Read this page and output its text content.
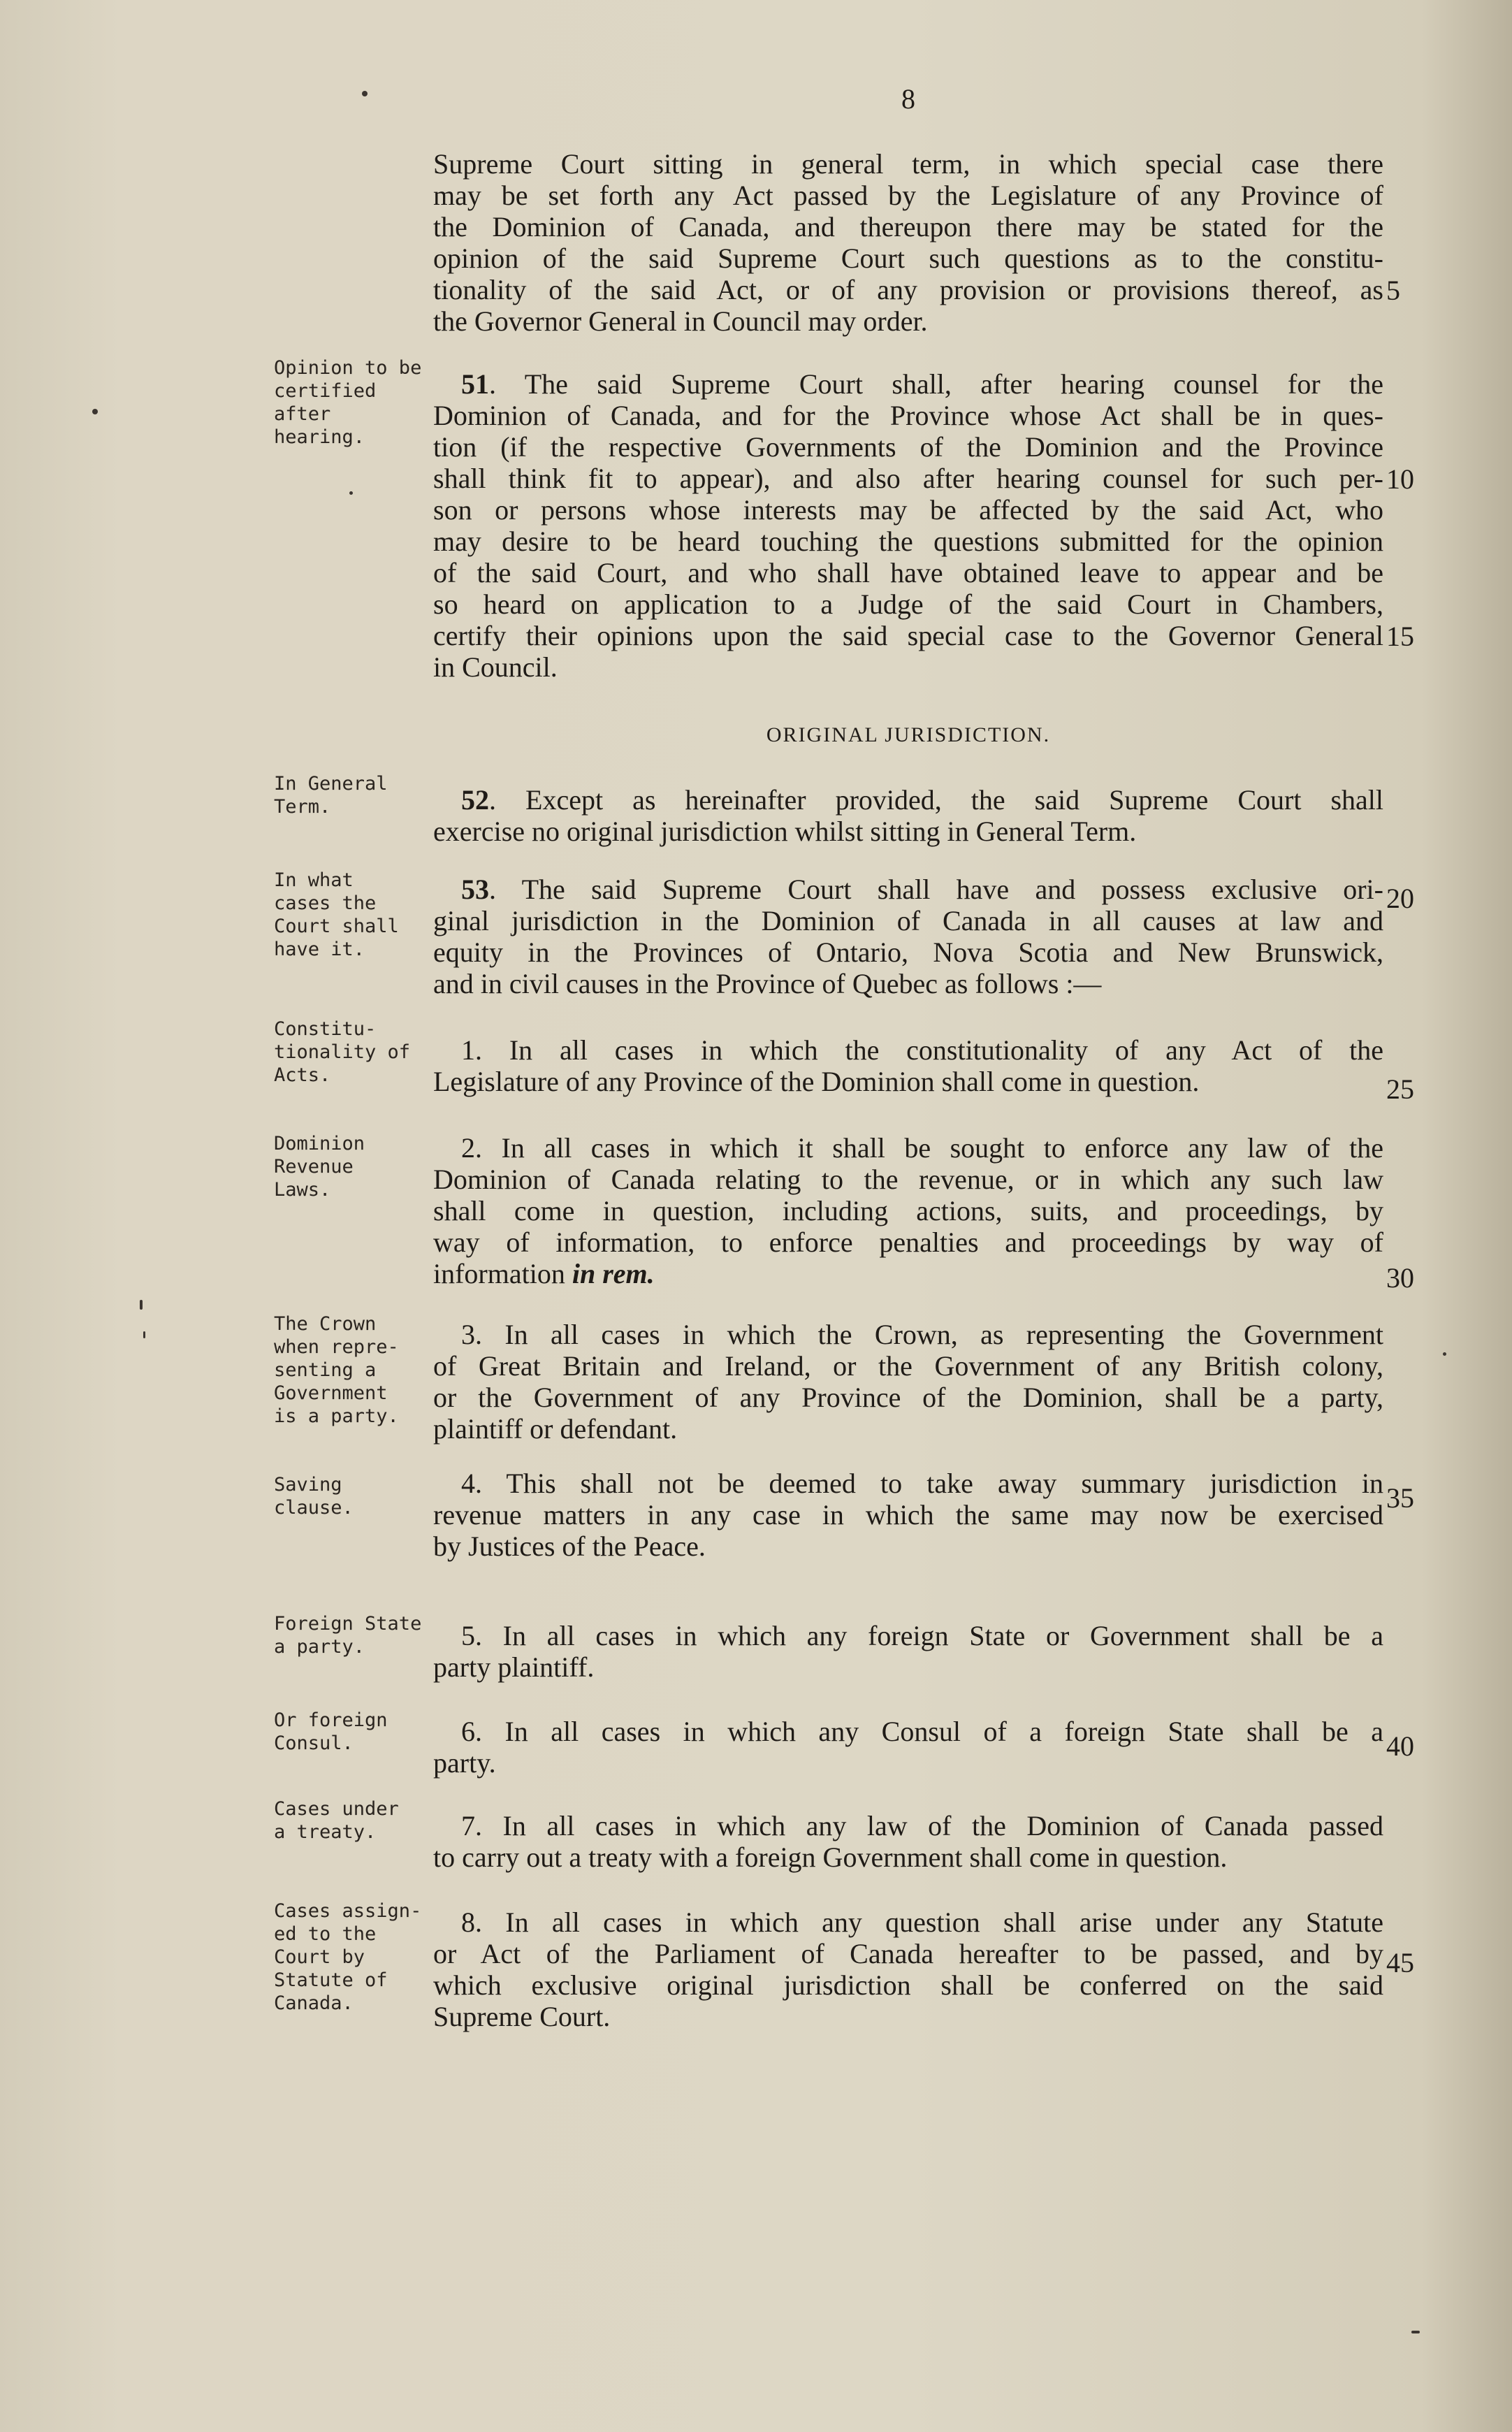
8

Supreme Court sitting in general term, in which special case there
may be set forth any Act passed by the Legislature of any Province of
the Dominion of Canada, and thereupon there may be stated for the
opinion of the said Supreme Court such questions as to the constitu-
tionality of the said Act, or of any provision or provisions thereof, as
the Governor General in Council may order.

Opinion to be
certified after
hearing.

51. The said Supreme Court shall, after hearing counsel for the
Dominion of Canada, and for the Province whose Act shall be in ques-
tion (if the respective Governments of the Dominion and the Province
shall think fit to appear), and also after hearing counsel for such per-
son or persons whose interests may be affected by the said Act, who
may desire to be heard touching the questions submitted for the opinion
of the said Court, and who shall have obtained leave to appear and be
so heard on application to a Judge of the said Court in Chambers,
certify their opinions upon the said special case to the Governor General
in Council.

ORIGINAL JURISDICTION.
In General
Term.	52. Except as hereinafter provided, the said Supreme Court shall
exercise no original jurisdiction whilst sitting in General Term.

In what
cases the
Court shall
have it.

53. The said Supreme Court shall have and possess exclusive ori-
ginal jurisdiction in the Dominion of Canada in all causes at law and
equity in the Provinces of Ontario, Nova Scotia and New Brunswick,
and in civil causes in the Province of Quebec as follows :—

Constitu-
tionality of
Acts.

1. In all cases in which the constitutionality of any Act of the
Legislature of any Province of the Dominion shall come in question.

Dominion
Revenue
Laws.

2. In all cases in which it shall be sought to enforce any law of the
Dominion of Canada relating to the revenue, or in which any such law
shall come in question, including actions, suits, and proceedings, by
way of information, to enforce penalties and proceedings by way of
information in rem.

The Crown
when repre-
senting a
Government
is a party.

3. In all cases in which the Crown, as representing the Government
of Great Britain and Ireland, or the Government of any British colony,
or the Government of any Province of the Dominion, shall be a party,
plaintiff or defendant.

Saving
clause.

4. This shall not be deemed to take away summary jurisdiction in
revenue matters in any case in which the same may now be exercised
by Justices of the Peace.

Foreign State
a party.	5. In all cases in which any foreign State or Government shall be a
party plaintiff.

Or foreign
Consul.	6. In all cases in which any Consul of a foreign State shall be a
party.

Cases under
a treaty.	7. In all cases in which any law of the Dominion of Canada passed
to carry out a treaty with a foreign Government shall come in question.

Cases assign-
ed to the
Court by
Statute of
Canada.

8. In all cases in which any question shall arise under any Statute
or Act of the Parliament of Canada hereafter to be passed, and by
which exclusive original jurisdiction shall be conferred on the said
Supreme Court.

5
10
15
20
25
30
35
40
45
